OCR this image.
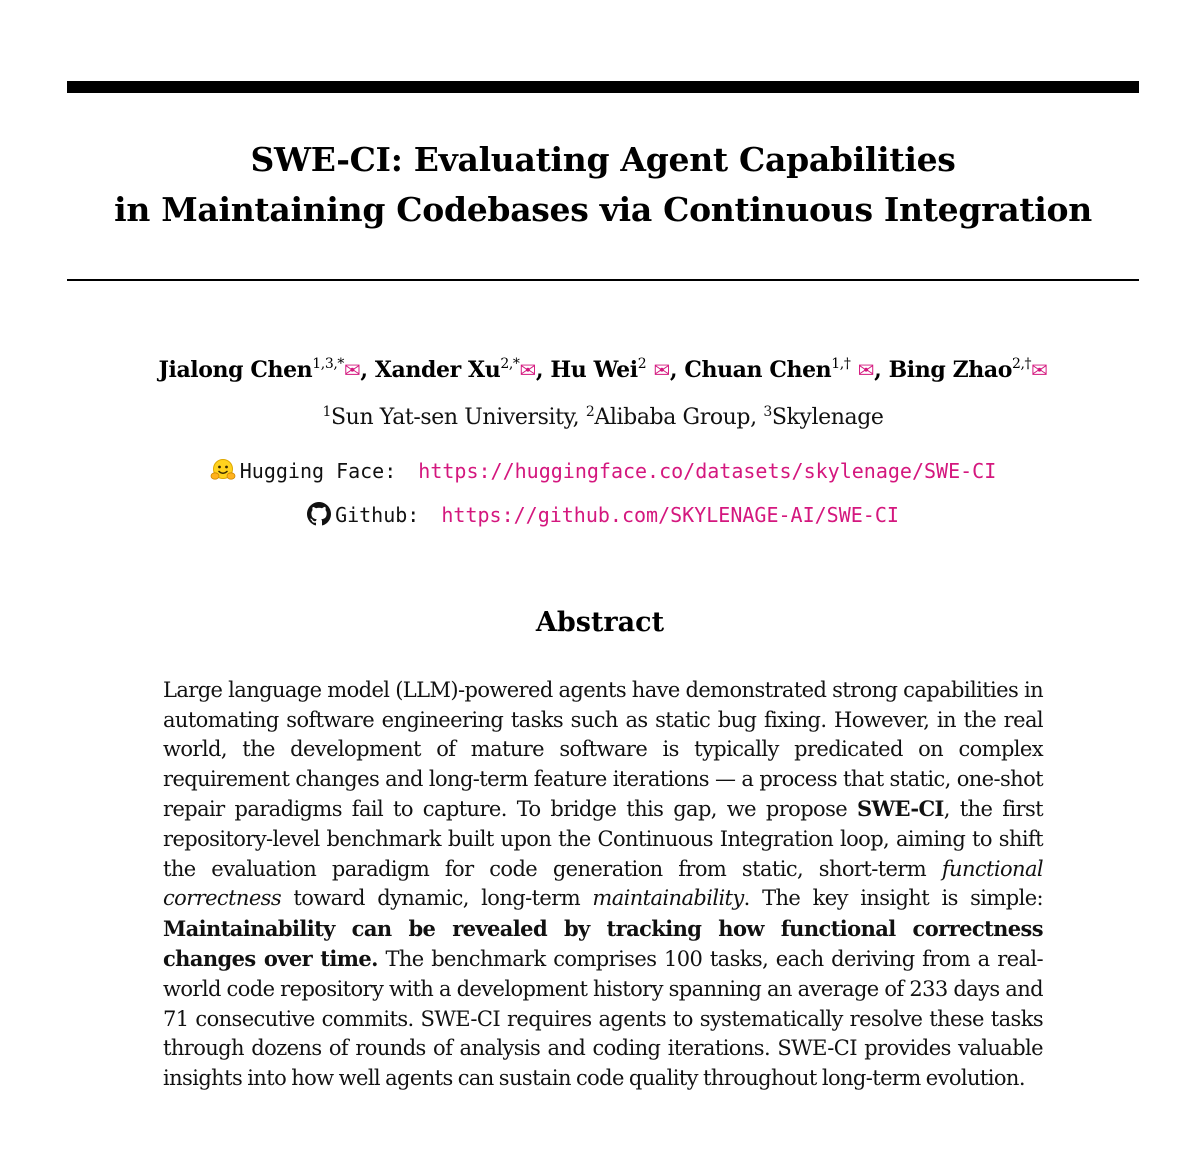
SWE-CI: Evaluating Agent Capabilities
in Maintaining Codebases via Continuous Integration
Jialong Chen$^{1,3,*}$✉, Xander $Xu^{2,*}✉$, Hu Wei$^2$ ✉, Chuan Chen$^{1,\dagger}$ ✉, Bing Zhao$^{2,\dagger}$✉
$^1$Sun Yat-sen University, $^2$Alibaba Group, $^3$Skylenage
Hugging Face: https://huggingface.co/datasets/skylenage/SWE-CI
Github: https://github.com/SKYLENAGE-AI/SWE-CI
Abstract
Large language model (LLM)-powered agents have demonstrated strong capabilities in automating software engineering tasks such as static bug fixing. However, in the real world, the development of mature software is typically predicated on complex requirement changes and long-term feature iterations — a process that static, one-shot repair paradigms fail to capture. To bridge this gap, we propose SWE-CI, the first repository-level benchmark built upon the Continuous Integration loop, aiming to shift the evaluation paradigm for code generation from static, short-term functional correctness toward dynamic, long-term maintainability. The key insight is simple: Maintainability can be revealed by tracking how functional correctness changes over time. The benchmark comprises 100 tasks, each deriving from a real-world code repository with a development history spanning an average of 233 days and 71 consecutive commits. SWE-CI requires agents to systematically resolve these tasks through dozens of rounds of analysis and coding iterations. SWE-CI provides valuable insights into how well agents can sustain code quality throughout long-term evolution.
